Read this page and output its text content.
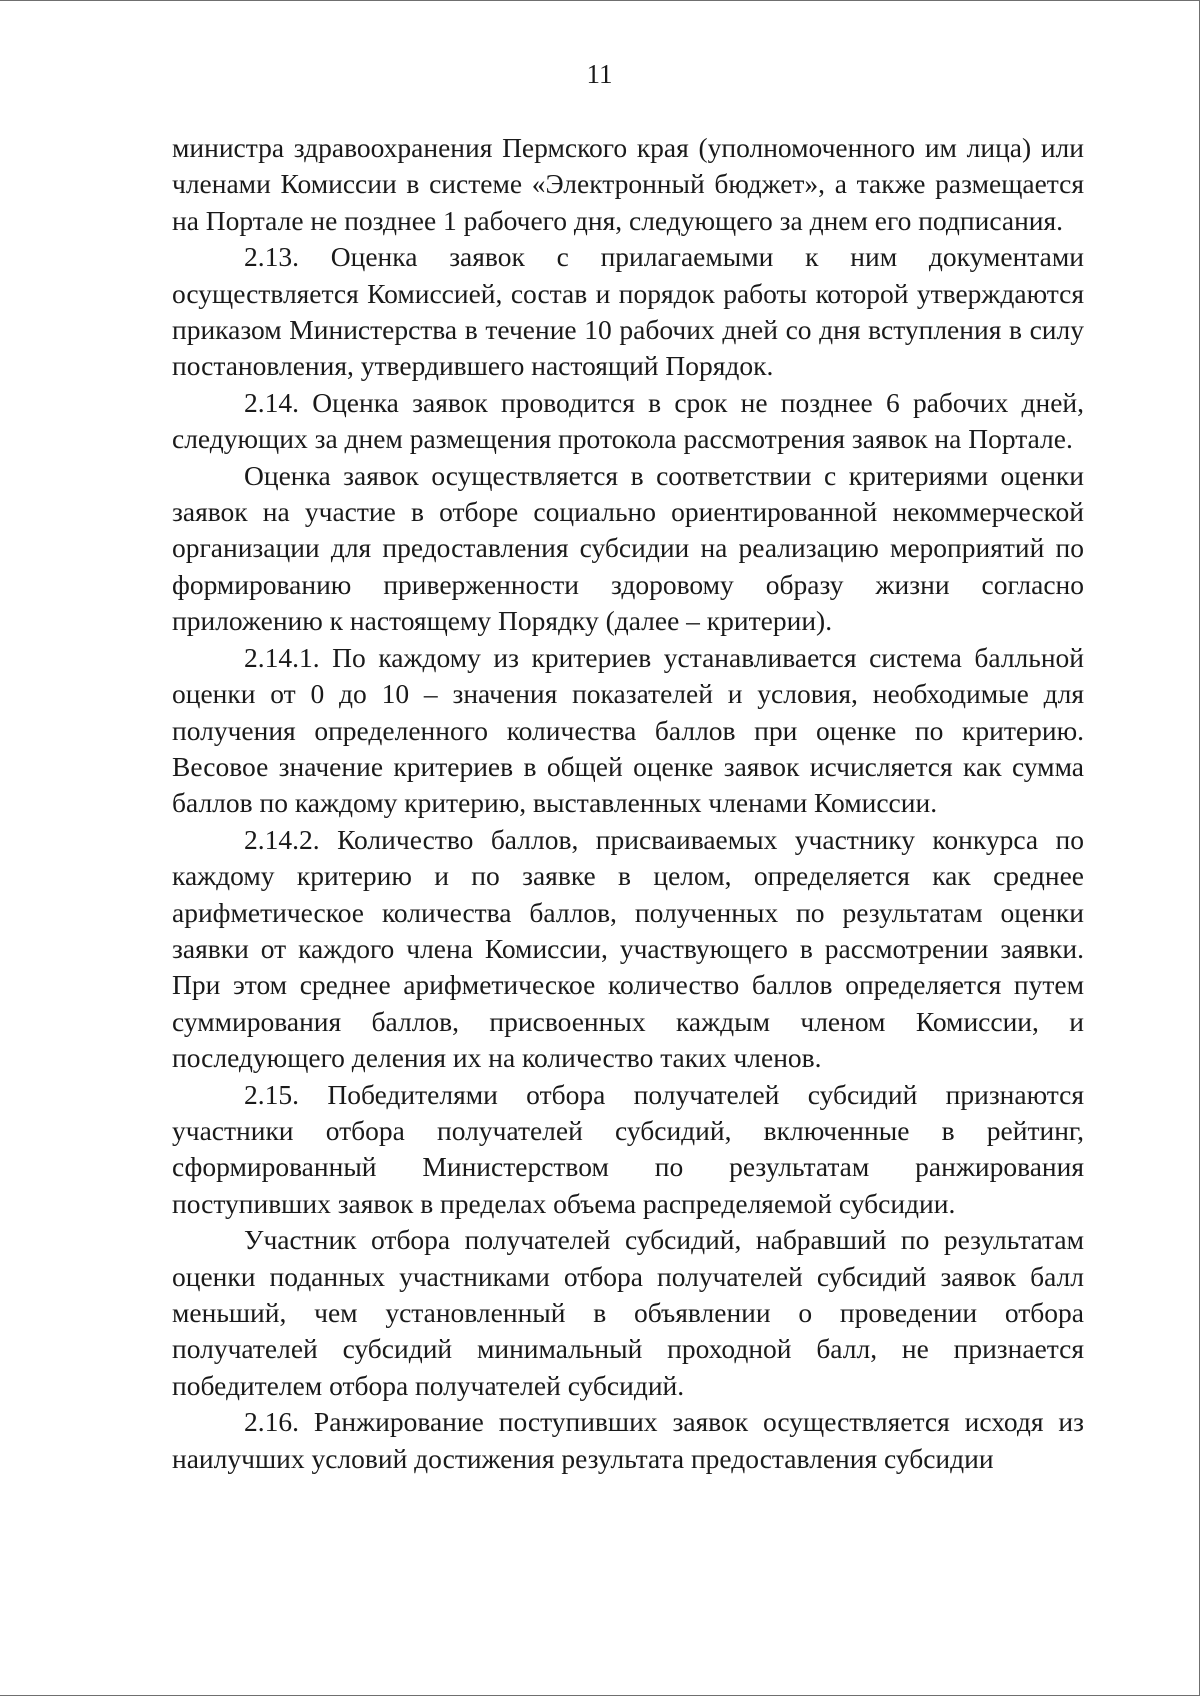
11

министра здравоохранения Пермского края (уполномоченного им лица) или членами Комиссии в системе «Электронный бюджет», а также размещается на Портале не позднее 1 рабочего дня, следующего за днем его подписания.

2.13. Оценка заявок с прилагаемыми к ним документами осуществляется Комиссией, состав и порядок работы которой утверждаются приказом Министерства в течение 10 рабочих дней со дня вступления в силу постановления, утвердившего настоящий Порядок.

2.14. Оценка заявок проводится в срок не позднее 6 рабочих дней, следующих за днем размещения протокола рассмотрения заявок на Портале.

Оценка заявок осуществляется в соответствии с критериями оценки заявок на участие в отборе социально ориентированной некоммерческой организации для предоставления субсидии на реализацию мероприятий по формированию приверженности здоровому образу жизни согласно приложению к настоящему Порядку (далее – критерии).

2.14.1. По каждому из критериев устанавливается система балльной оценки от 0 до 10 – значения показателей и условия, необходимые для получения определенного количества баллов при оценке по критерию. Весовое значение критериев в общей оценке заявок исчисляется как сумма баллов по каждому критерию, выставленных членами Комиссии.

2.14.2. Количество баллов, присваиваемых участнику конкурса по каждому критерию и по заявке в целом, определяется как среднее арифметическое количества баллов, полученных по результатам оценки заявки от каждого члена Комиссии, участвующего в рассмотрении заявки. При этом среднее арифметическое количество баллов определяется путем суммирования баллов, присвоенных каждым членом Комиссии, и последующего деления их на количество таких членов.

2.15. Победителями отбора получателей субсидий признаются участники отбора получателей субсидий, включенные в рейтинг, сформированный Министерством по результатам ранжирования поступивших заявок в пределах объема распределяемой субсидии.

Участник отбора получателей субсидий, набравший по результатам оценки поданных участниками отбора получателей субсидий заявок балл меньший, чем установленный в объявлении о проведении отбора получателей субсидий минимальный проходной балл, не признается победителем отбора получателей субсидий.

2.16. Ранжирование поступивших заявок осуществляется исходя из наилучших условий достижения результата предоставления субсидии
